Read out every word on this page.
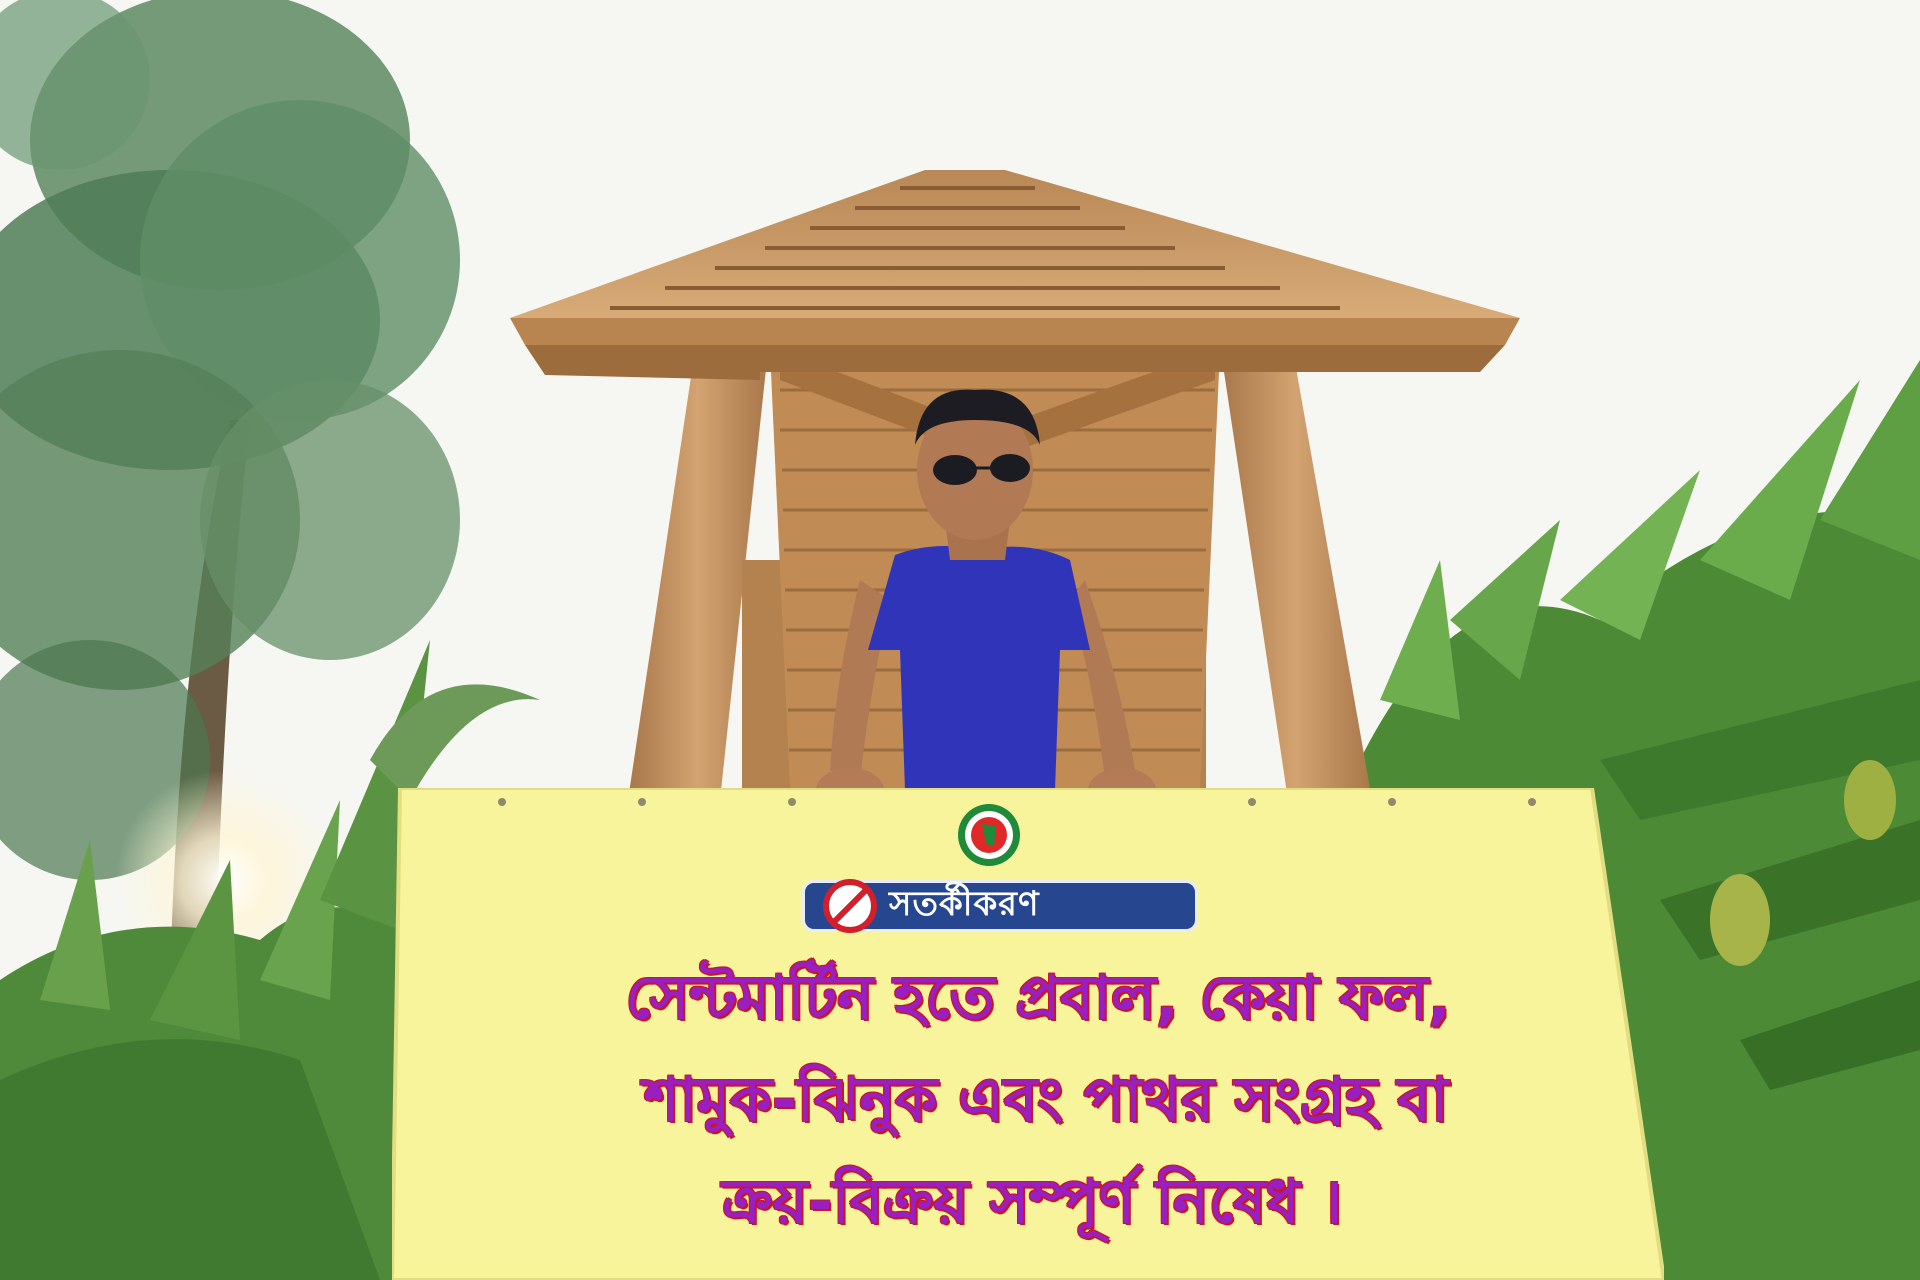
সতর্কীকরণ
সেন্টমার্টিন হতে প্রবাল, কেয়া ফল,
শামুক-ঝিনুক এবং পাথর সংগ্রহ বা
ক্রয়-বিক্রয় সম্পূর্ণ নিষেধ ।
